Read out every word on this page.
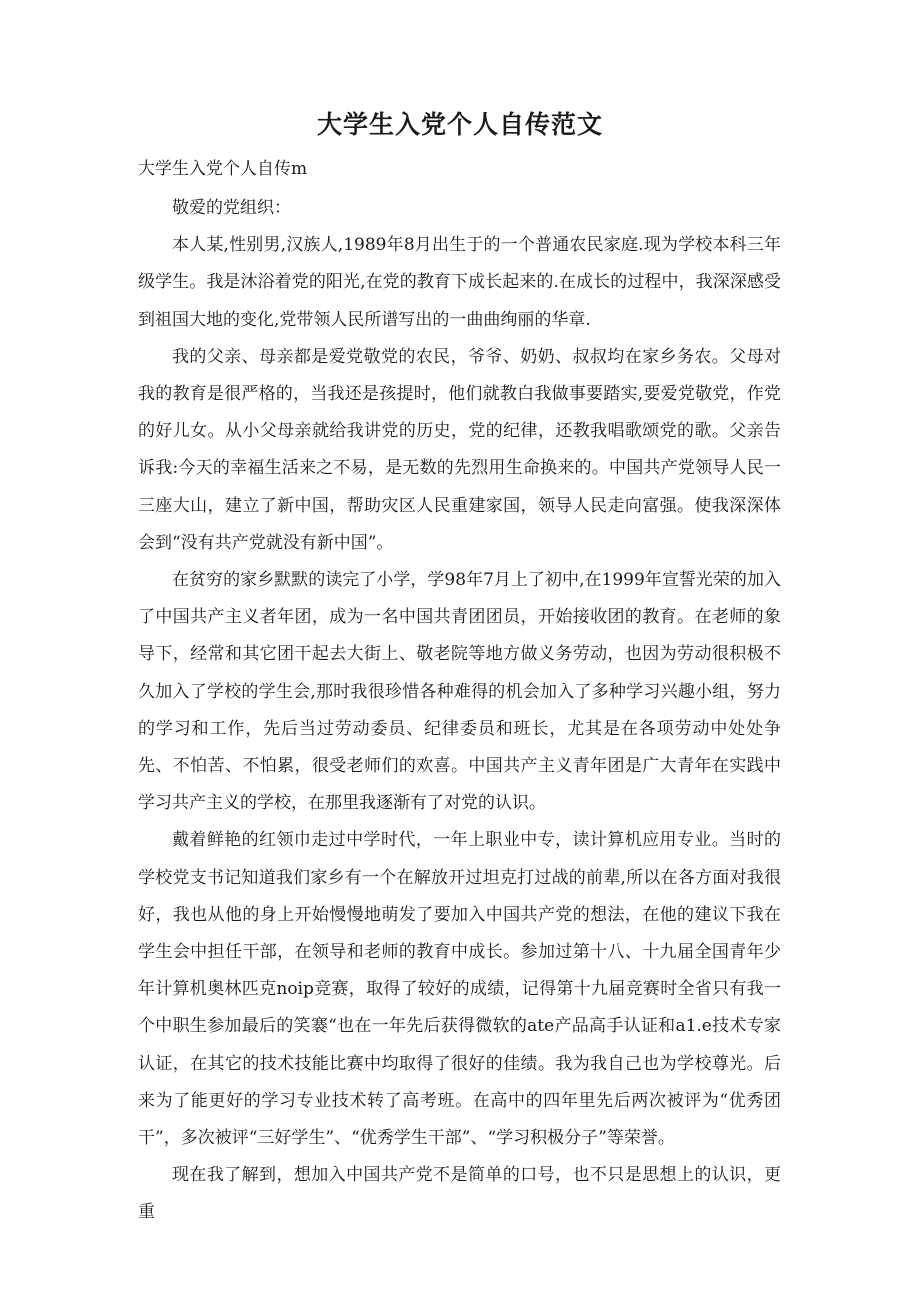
大学生入党个人自传范文
大学生入党个人自传m

敬爱的党组织：

本人某,性别男,汉族人,1989年8月出生于的一个普通农民家庭.现为学校本科三年级学生。我是沐浴着党的阳光,在党的教育下成长起来的.在成长的过程中，我深深感受到祖国大地的变化,党带领人民所谱写出的一曲曲绚丽的华章.

我的父亲、母亲都是爱党敬党的农民，爷爷、奶奶、叔叔均在家乡务农。父母对我的教育是很严格的，当我还是孩提时，他们就教白我做事要踏实,要爱党敬党，作党的好儿女。从小父母亲就给我讲党的历史，党的纪律，还教我唱歌颂党的歌。父亲告诉我:今天的幸福生活来之不易，是无数的先烈用生命换来的。中国共产党领导人民一三座大山，建立了新中国，帮助灾区人民重建家国，领导人民走向富强。使我深深体会到“没有共产党就没有新中国”。

在贫穷的家乡默默的读完了小学，学98年7月上了初中,在1999年宣誓光荣的加入了中国共产主义者年团，成为一名中国共青团团员，开始接收团的教育。在老师的象导下，经常和其它团干起去大街上、敬老院等地方做义务劳动，也因为劳动很积极不久加入了学校的学生会,那时我很珍惜各种难得的机会加入了多种学习兴趣小组，努力的学习和工作，先后当过劳动委员、纪律委员和班长，尤其是在各项劳动中处处争先、不怕苦、不怕累，很受老师们的欢喜。中国共产主义青年团是广大青年在实践中学习共产主义的学校，在那里我逐渐有了对党的认识。

戴着鲜艳的红领巾走过中学时代，一年上职业中专，读计算机应用专业。当时的学校党支书记知道我们家乡有一个在解放开过坦克打过战的前辈,所以在各方面对我很好，我也从他的身上开始慢慢地萌发了要加入中国共产党的想法，在他的建议下我在学生会中担任干部，在领导和老师的教育中成长。参加过第十八、十九届全国青年少年计算机奥林匹克noip竞赛，取得了较好的成绩，记得第十九届竞赛时全省只有我一个中职生参加最后的笑褰“也在一年先后获得微软的ate产品高手认证和a1.e技术专家认证，在其它的技术技能比赛中均取得了很好的佳绩。我为我自己也为学校尊光。后来为了能更好的学习专业技术转了高考班。在高中的四年里先后两次被评为“优秀团干”，多次被评“三好学生”、“优秀学生干部”、“学习积极分子”等荣誉。

现在我了解到，想加入中国共产党不是简单的口号，也不只是思想上的认识，更重
